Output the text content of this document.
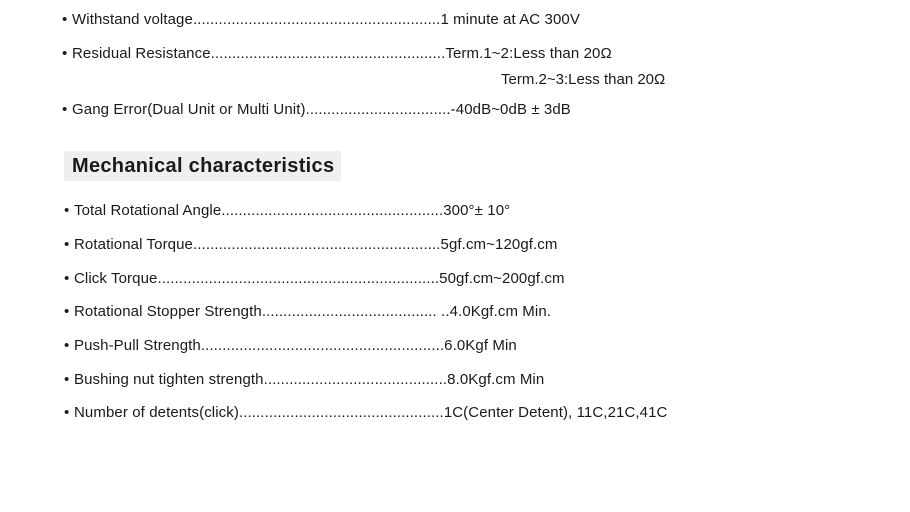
• Withstand voltage..........................................................1 minute at AC 300V
• Residual Resistance.......................................................Term.1~2:Less than 20Ω
Term.2~3:Less than 20Ω
• Gang Error(Dual Unit or Multi Unit)..................................-40dB~0dB ± 3dB
Mechanical characteristics
• Total Rotational Angle....................................................300°± 10°
• Rotational Torque..........................................................5gf.cm~120gf.cm
• Click Torque..................................................................50gf.cm~200gf.cm
• Rotational Stopper Strength......................................... ..4.0Kgf.cm Min.
• Push-Pull Strength.........................................................6.0Kgf Min
• Bushing nut tighten strength...........................................8.0Kgf.cm Min
• Number of detents(click)................................................1C(Center Detent), 11C,21C,41C
